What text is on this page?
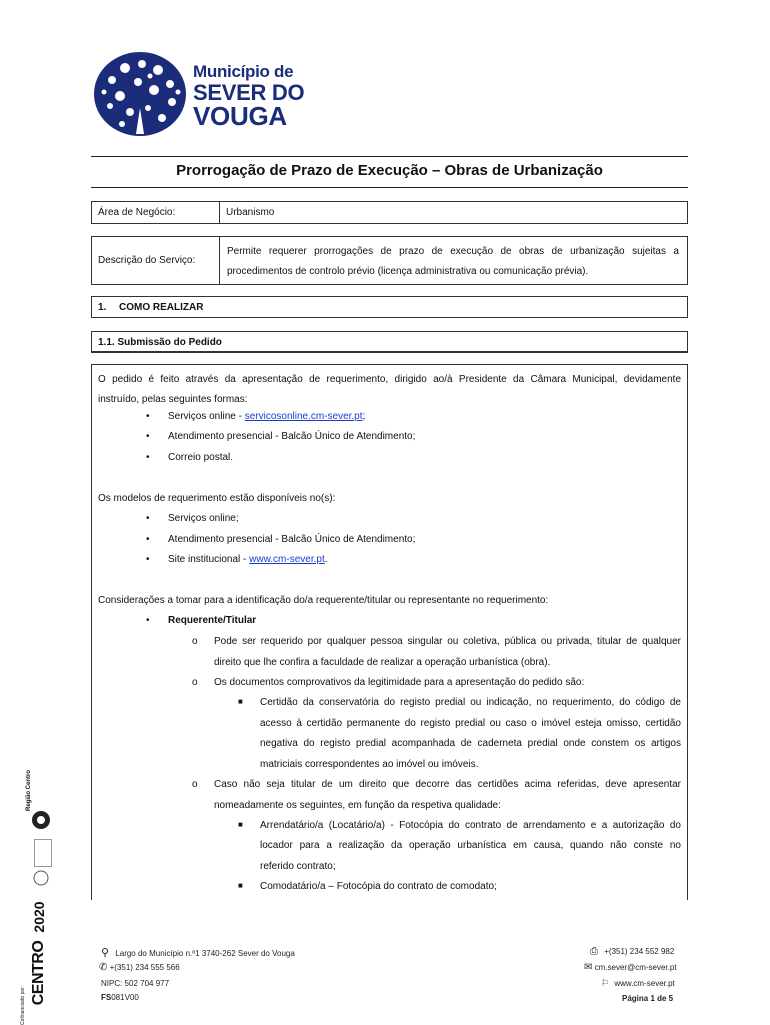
Município de
SEVER DO
VOUGA
Prorrogação de Prazo de Execução – Obras de Urbanização
Área de Negócio:	Urbanismo
Descrição do Serviço:
Permite requerer prorrogações de prazo de execução de obras de urbanização sujeitas a
procedimentos de controlo prévio (licença administrativa ou comunicação prévia).
1. COMO REALIZAR
1.1. Submissão do Pedido
O pedido é feito através da apresentação de requerimento, dirigido ao/à Presidente da Câmara Municipal, devidamente
instruído, pelas seguintes formas:
• Serviços online - servicosonline.cm-sever.pt;
• Atendimento presencial - Balcão Único de Atendimento;
• Correio postal.
Os modelos de requerimento estão disponíveis no(s):
• Serviços online;
• Atendimento presencial - Balcão Único de Atendimento;
• Site institucional - www.cm-sever.pt.
Considerações a tomar para a identificação do/a requerente/titular ou representante no requerimento:
• Requerente/Titular
o Pode ser requerido por qualquer pessoa singular ou coletiva, pública ou privada, titular de qualquer
direito que lhe confira a faculdade de realizar a operação urbanística (obra).
o Os documentos comprovativos da legitimidade para a apresentação do pedido são:
■ Certidão da conservatória do registo predial ou indicação, no requerimento, do código de
acesso à certidão permanente do registo predial ou caso o imóvel esteja omisso, certidão
negativa do registo predial acompanhada de caderneta predial onde constem os artigos
matriciais correspondentes ao imóvel ou imóveis.
o Caso não seja titular de um direito que decorre das certidões acima referidas, deve apresentar
nomeadamente os seguintes, em função da respetiva qualidade:
■ Arrendatário/a (Locatário/a) - Fotocópia do contrato de arrendamento e a autorização do
locador para a realização da operação urbanística em causa, quando não conste no
referido contrato;
■ Comodatário/a – Fotocópia do contrato de comodato;
Região Centro
2020
CENTRO
Cofinanciado por:
⚲ Largo do Município n.º1 3740-262 Sever do Vouga
✆ +(351) 234 555 566
NIPC: 502 704 977
FS081V00
⎙ +(351) 234 552 982
✉ cm.sever@cm-sever.pt
⚐ www.cm-sever.pt
Página 1 de 5
